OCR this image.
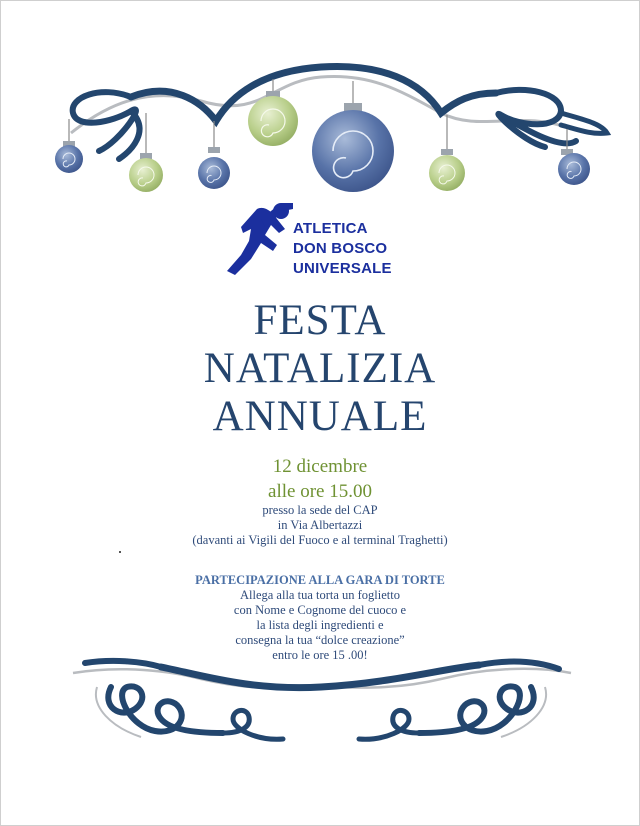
ATLETICA
DON BOSCO
UNIVERSALE
FESTA
NATALIZIA
ANNUALE
12 dicembre
alle ore 15.00
presso la sede del CAP
in Via Albertazzi
(davanti ai Vigili del Fuoco e al terminal Traghetti)
PARTECIPAZIONE ALLA GARA DI TORTE
Allega alla tua torta un foglietto
con Nome e Cognome del cuoco e
la lista degli ingredienti e
consegna la tua “dolce creazione”
entro le ore 15 .00!
